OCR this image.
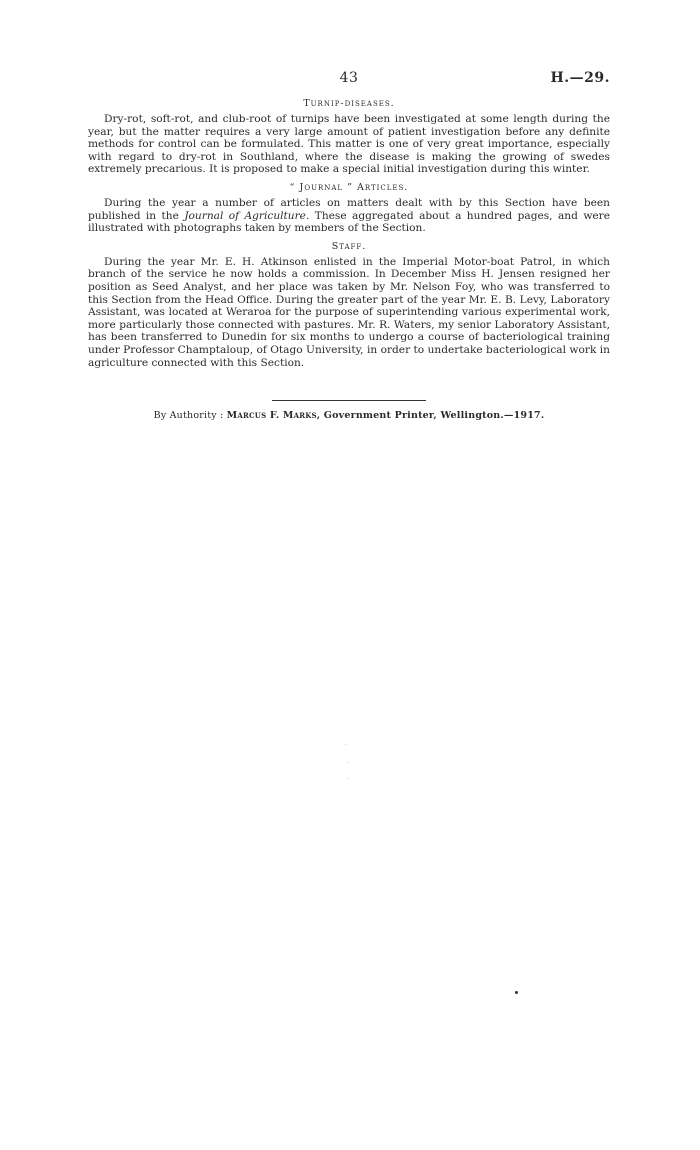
43	H.—29.
Turnip-diseases.

Dry-rot, soft-rot, and club-root of turnips have been investigated at some length during the year, but the matter requires a very large amount of patient investigation before any definite methods for control can be formulated. This matter is one of very great importance, especially with regard to dry-rot in Southland, where the disease is making the growing of swedes extremely precarious. It is proposed to make a special initial investigation during this winter.

“ Journal ” Articles.

During the year a number of articles on matters dealt with by this Section have been published in the Journal of Agriculture. These aggregated about a hundred pages, and were illustrated with photographs taken by members of the Section.

Staff.

During the year Mr. E. H. Atkinson enlisted in the Imperial Motor-boat Patrol, in which branch of the service he now holds a commission. In December Miss H. Jensen resigned her position as Seed Analyst, and her place was taken by Mr. Nelson Foy, who was transferred to this Section from the Head Office. During the greater part of the year Mr. E. B. Levy, Laboratory Assistant, was located at Weraroa for the purpose of superintending various experimental work, more particularly those connected with pastures. Mr. R. Waters, my senior Laboratory Assistant, has been transferred to Dunedin for six months to undergo a course of bacteriological training under Professor Champtaloup, of Otago University, in order to undertake bacteriological work in agriculture connected with this Section.

By Authority : Marcus F. Marks, Government Printer, Wellington.—1917.
